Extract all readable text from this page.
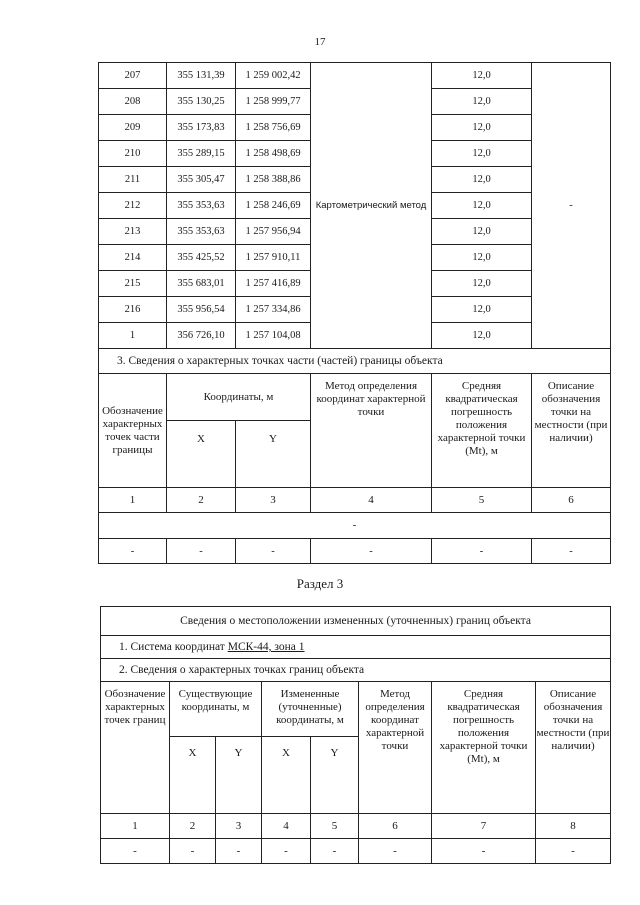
17
207	355 131,39	1 259 002,42	Картометрический метод	12,0	-
208	355 130,25	1 258 999,77		12,0	
209	355 173,83	1 258 756,69		12,0	
210	355 289,15	1 258 498,69		12,0	
211	355 305,47	1 258 388,86		12,0	
212	355 353,63	1 258 246,69		12,0	
213	355 353,63	1 257 956,94		12,0	
214	355 425,52	1 257 910,11		12,0	
215	355 683,01	1 257 416,89		12,0	
216	355 956,54	1 257 334,86		12,0	
1	356 726,10	1 257 104,08		12,0	
3. Сведения о характерных точках части (частей) границы объекта					
Обозначение характерных точек части границы	Координаты, м		Метод определения координат характерной точки	Средняя квадратическая погрешность положения характерной точки (Mt), м	Описание обозначения точки на местности (при наличии)
	X	Y			
1	2	3	4	5	6
-					
-	-	-	-	-	-
Раздел 3
Сведения о местоположении измененных (уточненных) границ объекта							
1. Система координат МСК-44, зона 1							
2. Сведения о характерных точках границ объекта							
Обозначение характерных точек границ	Существующие координаты, м		Измененные (уточненные) координаты, м		Метод определения координат характерной точки	Средняя квадратическая погрешность положения характерной точки (Mt), м	Описание обозначения точки на местности (при наличии)
	X	Y	X	Y			
1	2	3	4	5	6	7	8
-	-	-	-	-	-	-	-
